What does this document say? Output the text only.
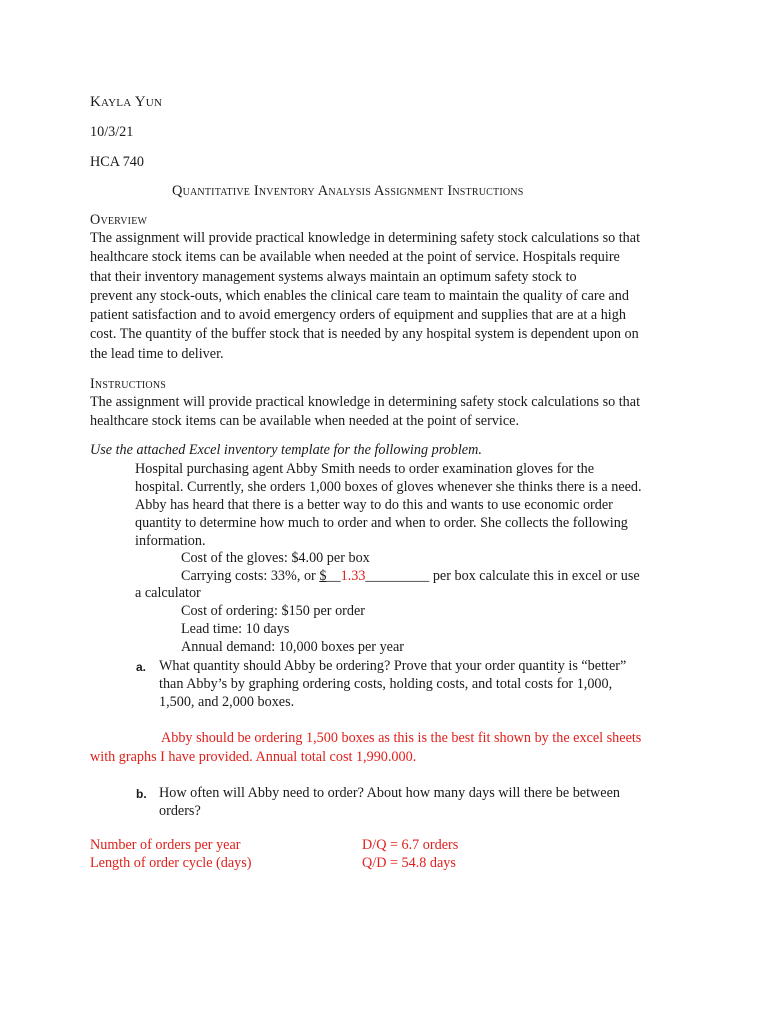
Kayla Yun
10/3/21
HCA 740
Quantitative Inventory Analysis Assignment Instructions
Overview
The assignment will provide practical knowledge in determining safety stock calculations so that
healthcare stock items can be available when needed at the point of service. Hospitals require
that their inventory management systems always maintain an optimum safety stock to
prevent any stock-outs, which enables the clinical care team to maintain the quality of care and
patient satisfaction and to avoid emergency orders of equipment and supplies that are at a high
cost. The quantity of the buffer stock that is needed by any hospital system is dependent upon on
the lead time to deliver.
Instructions
The assignment will provide practical knowledge in determining safety stock calculations so that
healthcare stock items can be available when needed at the point of service.
Use the attached Excel inventory template for the following problem.
Hospital purchasing agent Abby Smith needs to order examination gloves for the
hospital. Currently, she orders 1,000 boxes of gloves whenever she thinks there is a need.
Abby has heard that there is a better way to do this and wants to use economic order
quantity to determine how much to order and when to order. She collects the following
information.
Cost of the gloves: $4.00 per box
Carrying costs: 33%, or $__1.33_________ per box calculate this in excel or use
a calculator
Cost of ordering: $150 per order
Lead time: 10 days
Annual demand: 10,000 boxes per year
a. What quantity should Abby be ordering? Prove that your order quantity is “better”
than Abby’s by graphing ordering costs, holding costs, and total costs for 1,000,
1,500, and 2,000 boxes.
Abby should be ordering 1,500 boxes as this is the best fit shown by the excel sheets
with graphs I have provided. Annual total cost 1,990.000.
b. How often will Abby need to order? About how many days will there be between
orders?
Number of orders per year	D/Q = 6.7 orders
Length of order cycle (days)	Q/D = 54.8 days
